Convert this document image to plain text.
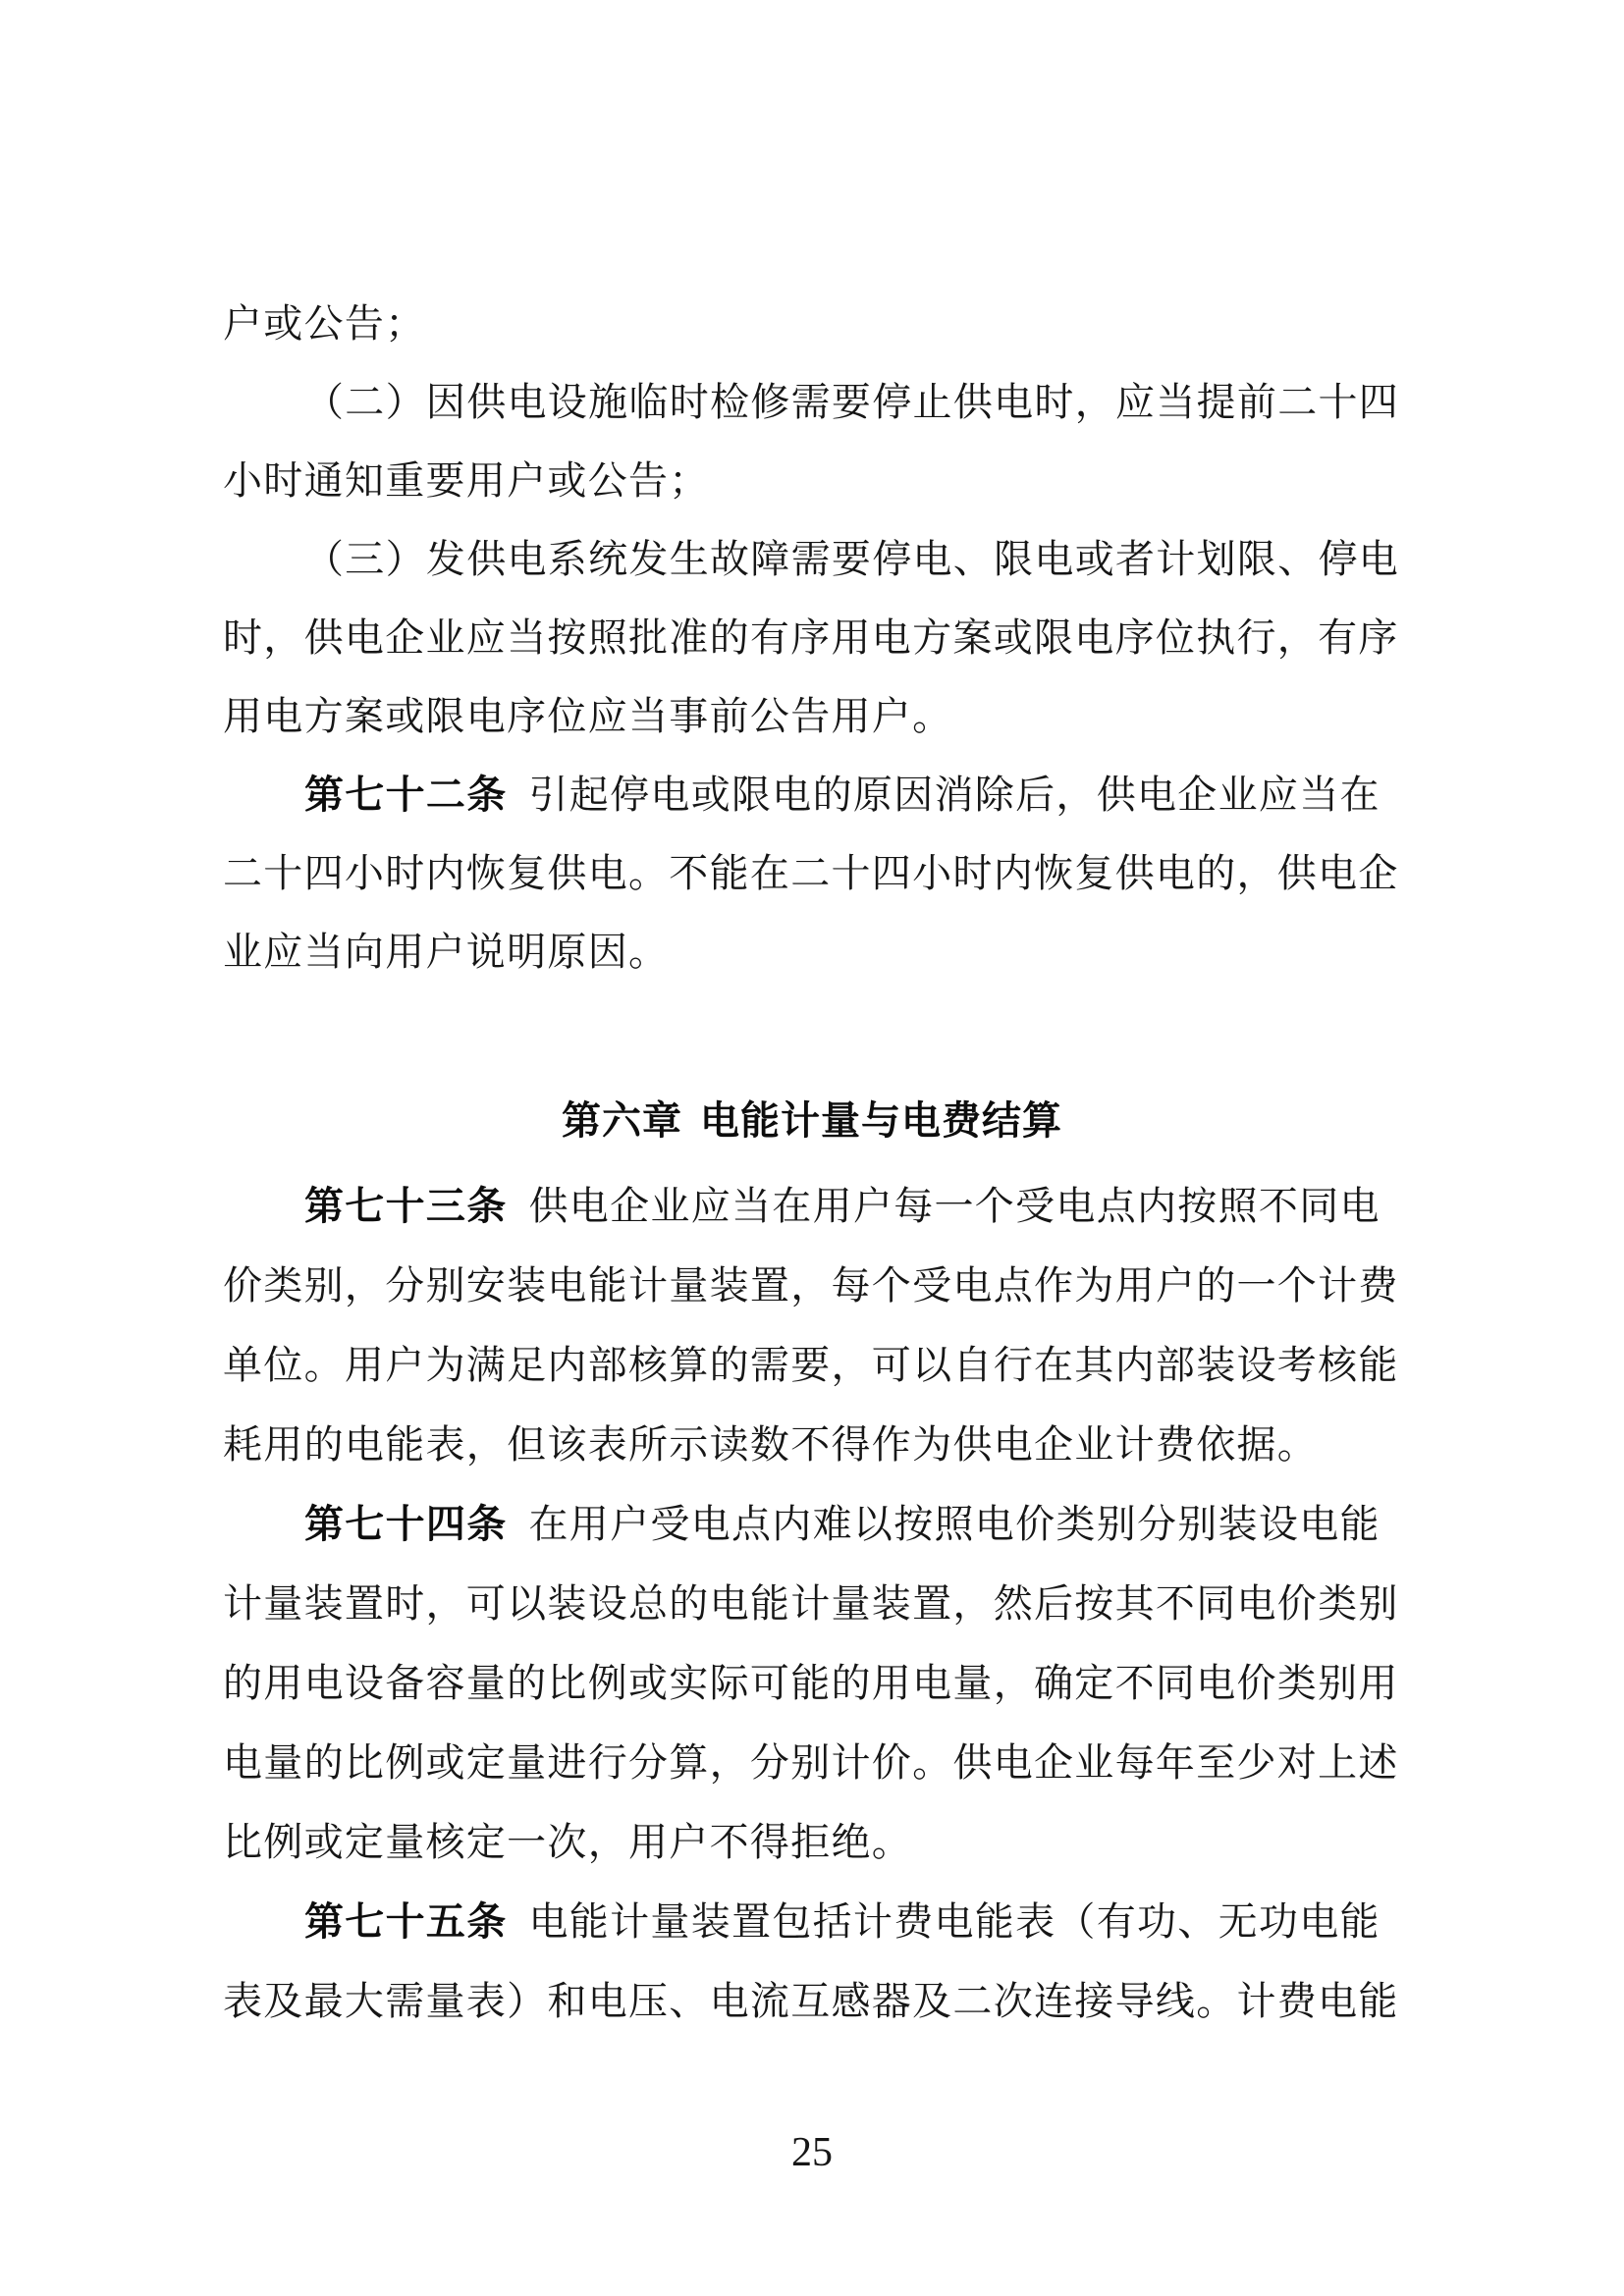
户或公告；
（二）因供电设施临时检修需要停止供电时，应当提前二十四
小时通知重要用户或公告；
（三）发供电系统发生故障需要停电、限电或者计划限、停电
时，供电企业应当按照批准的有序用电方案或限电序位执行，有序
用电方案或限电序位应当事前公告用户。
第七十二条 引起停电或限电的原因消除后，供电企业应当在
二十四小时内恢复供电。不能在二十四小时内恢复供电的，供电企
业应当向用户说明原因。
第六章 电能计量与电费结算
第七十三条 供电企业应当在用户每一个受电点内按照不同电
价类别，分别安装电能计量装置，每个受电点作为用户的一个计费
单位。用户为满足内部核算的需要，可以自行在其内部装设考核能
耗用的电能表，但该表所示读数不得作为供电企业计费依据。
第七十四条 在用户受电点内难以按照电价类别分别装设电能
计量装置时，可以装设总的电能计量装置，然后按其不同电价类别
的用电设备容量的比例或实际可能的用电量，确定不同电价类别用
电量的比例或定量进行分算，分别计价。供电企业每年至少对上述
比例或定量核定一次，用户不得拒绝。
第七十五条 电能计量装置包括计费电能表（有功、无功电能
表及最大需量表）和电压、电流互感器及二次连接导线。计费电能
25
